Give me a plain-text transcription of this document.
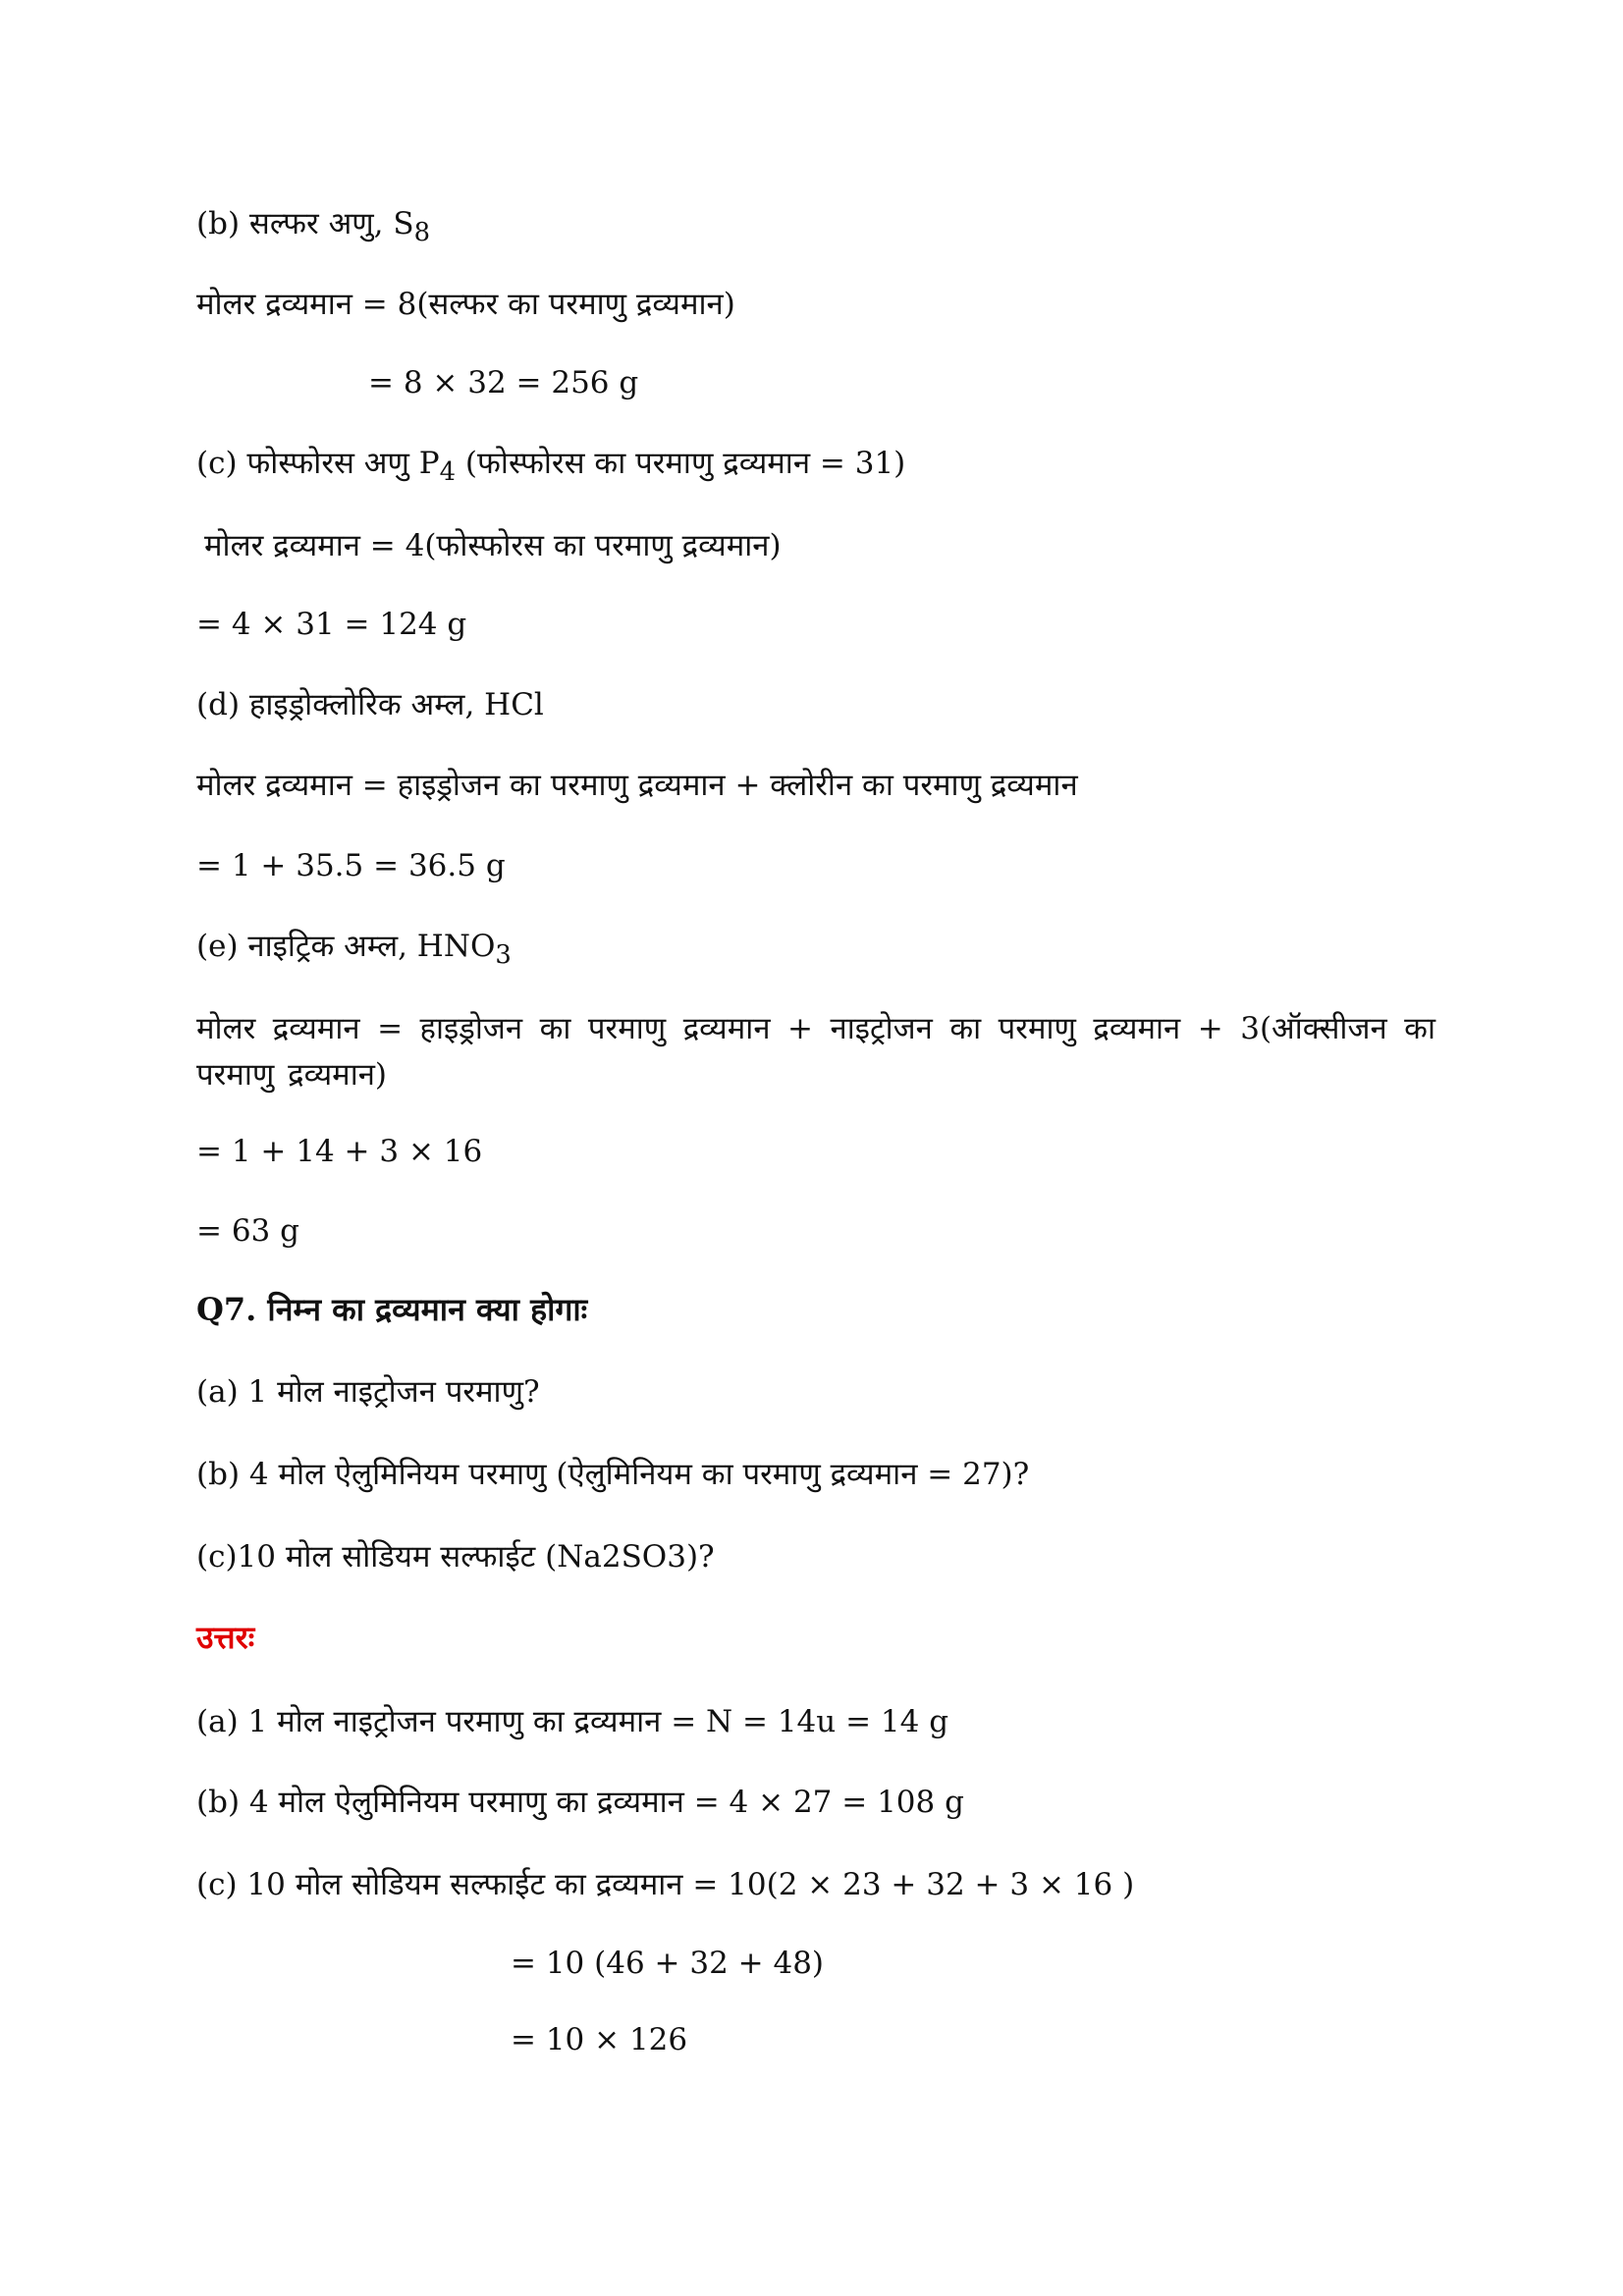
(b) सल्फर अणु, $S_8$
मोलर द्रव्यमान = 8(सल्फर का परमाणु द्रव्यमान)
= 8 × 32 = 256 g
(c) फोस्फोरस अणु $P_4$ (फोस्फोरस का परमाणु द्रव्यमान = 31)
मोलर द्रव्यमान = 4(फोस्फोरस का परमाणु द्रव्यमान)
= 4 × 31 = 124 g
(d) हाइड्रोक्लोरिक अम्ल, HCl
मोलर द्रव्यमान = हाइड्रोजन का परमाणु द्रव्यमान + क्लोरीन का परमाणु द्रव्यमान
= 1 + 35.5 = 36.5 g
(e) नाइट्रिक अम्ल, $HNO_3$
मोलर द्रव्यमान = हाइड्रोजन का परमाणु द्रव्यमान + नाइट्रोजन का परमाणु द्रव्यमान + 3(ऑक्सीजन का परमाणु द्रव्यमान)
= 1 + 14 + 3 × 16
= 63 g
Q7. निम्न का द्रव्यमान क्या होगाः
(a) 1 मोल नाइट्रोजन परमाणु?
(b) 4 मोल ऐलुमिनियम परमाणु (ऐलुमिनियम का परमाणु द्रव्यमान = 27)?
(c)10 मोल सोडियम सल्फाईट (Na2SO3)?
उत्तरः
(a) 1 मोल नाइट्रोजन परमाणु का द्रव्यमान = N = 14u = 14 g
(b) 4 मोल ऐलुमिनियम परमाणु का द्रव्यमान = 4 × 27 = 108 g
(c) 10 मोल सोडियम सल्फाईट का द्रव्यमान = 10(2 × 23 + 32 + 3 × 16 )
= 10 (46 + 32 + 48)
= 10 × 126
